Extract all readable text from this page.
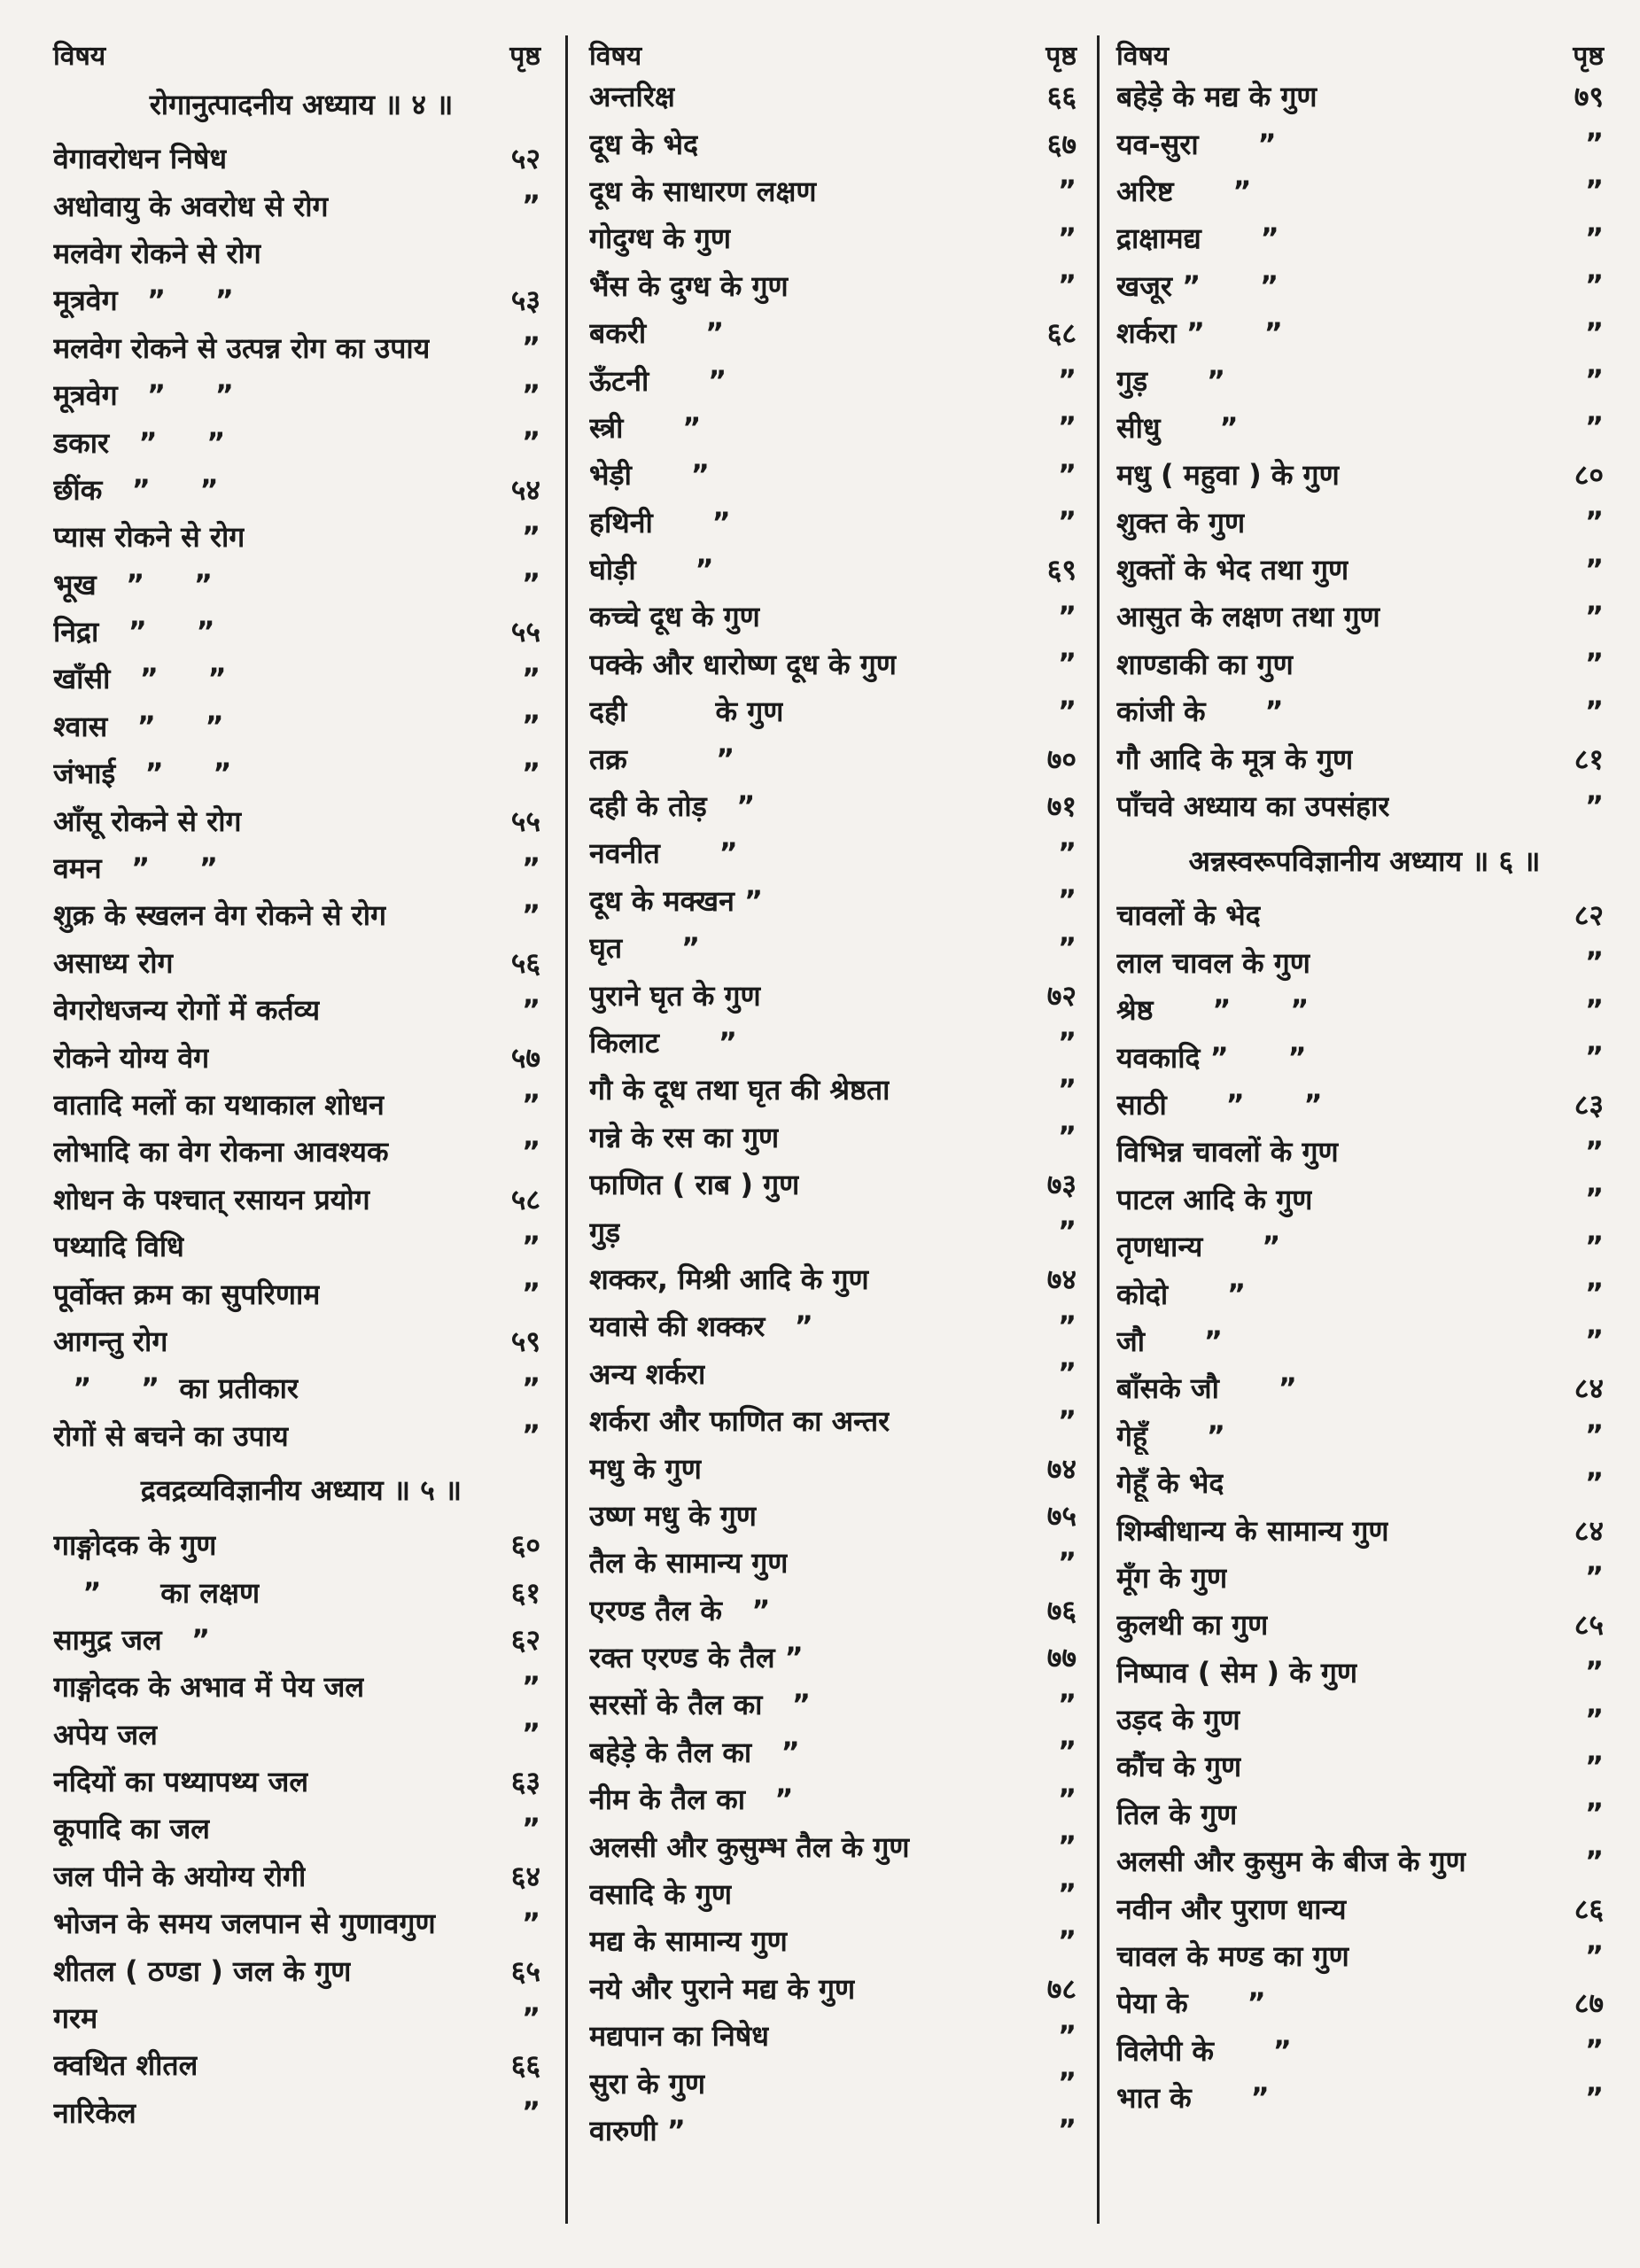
विषय	पृष्ठ
रोगानुत्पादनीय अध्याय ॥ ४ ॥
वेगावरोधन निषेध	५२
अधोवायु के अवरोध से रोग	”
मलवेग रोकने से रोग
मूत्रवेग   ”     ”	५३
मलवेग रोकने से उत्पन्न रोग का उपाय	”
मूत्रवेग   ”     ”	”
डकार   ”     ”	”
छींक   ”     ”	५४
प्यास रोकने से रोग	”
भूख   ”     ”	”
निद्रा   ”     ”	५५
खाँसी   ”     ”	”
श्वास   ”     ”	”
जंभाई   ”     ”	”
आँसू रोकने से रोग	५५
वमन   ”     ”	”
शुक्र के स्खलन वेग रोकने से रोग	”
असाध्य रोग	५६
वेगरोधजन्य रोगों में कर्तव्य	”
रोकने योग्य वेग	५७
वातादि मलों का यथाकाल शोधन	”
लोभादि का वेग रोकना आवश्यक	”
शोधन के पश्चात् रसायन प्रयोग	५८
पथ्यादि विधि	”
पूर्वोक्त क्रम का सुपरिणाम	”
आगन्तु रोग	५९
”     ”  का प्रतीकार	”
रोगों से बचने का उपाय	”
द्रवद्रव्यविज्ञानीय अध्याय ॥ ५ ॥
गाङ्गोदक के गुण	६०
”      का लक्षण	६१
सामुद्र जल   ”	६२
गाङ्गोदक के अभाव में पेय जल	”
अपेय जल	”
नदियों का पथ्यापथ्य जल	६३
कूपादि का जल	”
जल पीने के अयोग्य रोगी	६४
भोजन के समय जलपान से गुणावगुण	”
शीतल ( ठण्डा ) जल के गुण	६५
गरम	”
क्वथित शीतल	६६
नारिकेल	”
विषय	पृष्ठ
अन्तरिक्ष	६६
दूध के भेद	६७
दूध के साधारण लक्षण	”
गोदुग्ध के गुण	”
भैंस के दुग्ध के गुण	”
बकरी      ”	६८
ऊँटनी      ”	”
स्त्री      ”	”
भेड़ी      ”	”
हथिनी      ”	”
घोड़ी      ”	६९
कच्चे दूध के गुण	”
पक्के और धारोष्ण दूध के गुण	”
दही         के गुण	”
तक्र         ”	७०
दही के तोड़   ”	७१
नवनीत      ”	”
दूध के मक्खन ”	”
घृत      ”	”
पुराने घृत के गुण	७२
किलाट      ”	”
गौ के दूध तथा घृत की श्रेष्ठता	”
गन्ने के रस का गुण	”
फाणित ( राब ) गुण	७३
गुड़	”
शक्कर, मिश्री आदि के गुण	७४
यवासे की शक्कर   ”	”
अन्य शर्करा	”
शर्करा और फाणित का अन्तर	”
मधु के गुण	७४
उष्ण मधु के गुण	७५
तैल के सामान्य गुण	”
एरण्ड तैल के   ”	७६
रक्त एरण्ड के तैल ”	७७
सरसों के तैल का   ”	”
बहेड़े के तैल का   ”	”
नीम के तैल का   ”	”
अलसी और कुसुम्भ तैल के गुण	”
वसादि के गुण	”
मद्य के सामान्य गुण	”
नये और पुराने मद्य के गुण	७८
मद्यपान का निषेध	”
सुरा के गुण	”
वारुणी ”	”
विषय	पृष्ठ
बहेड़े के मद्य के गुण	७९
यव-सुरा      ”	”
अरिष्ट      ”	”
द्राक्षामद्य      ”	”
खजूर ”      ”	”
शर्करा ”      ”	”
गुड़      ”	”
सीधु      ”	”
मधु ( महुवा ) के गुण	८०
शुक्त के गुण	”
शुक्तों के भेद तथा गुण	”
आसुत के लक्षण तथा गुण	”
शाण्डाकी का गुण	”
कांजी के      ”	”
गौ आदि के मूत्र के गुण	८१
पाँचवे अध्याय का उपसंहार	”
अन्नस्वरूपविज्ञानीय अध्याय ॥ ६ ॥
चावलों के भेद	८२
लाल चावल के गुण	”
श्रेष्ठ      ”      ”	”
यवकादि ”      ”	”
साठी      ”      ”	८३
विभिन्न चावलों के गुण	”
पाटल आदि के गुण	”
तृणधान्य      ”	”
कोदो      ”	”
जौ      ”	”
बाँसके जौ      ”	८४
गेहूँ      ”	”
गेहूँ के भेद	”
शिम्बीधान्य के सामान्य गुण	८४
मूँग के गुण	”
कुलथी का गुण	८५
निष्पाव ( सेम ) के गुण	”
उड़द के गुण	”
कौंच के गुण	”
तिल के गुण	”
अलसी और कुसुम के बीज के गुण	”
नवीन और पुराण धान्य	८६
चावल के मण्ड का गुण	”
पेया के      ”	८७
विलेपी के      ”	”
भात के      ”	”
